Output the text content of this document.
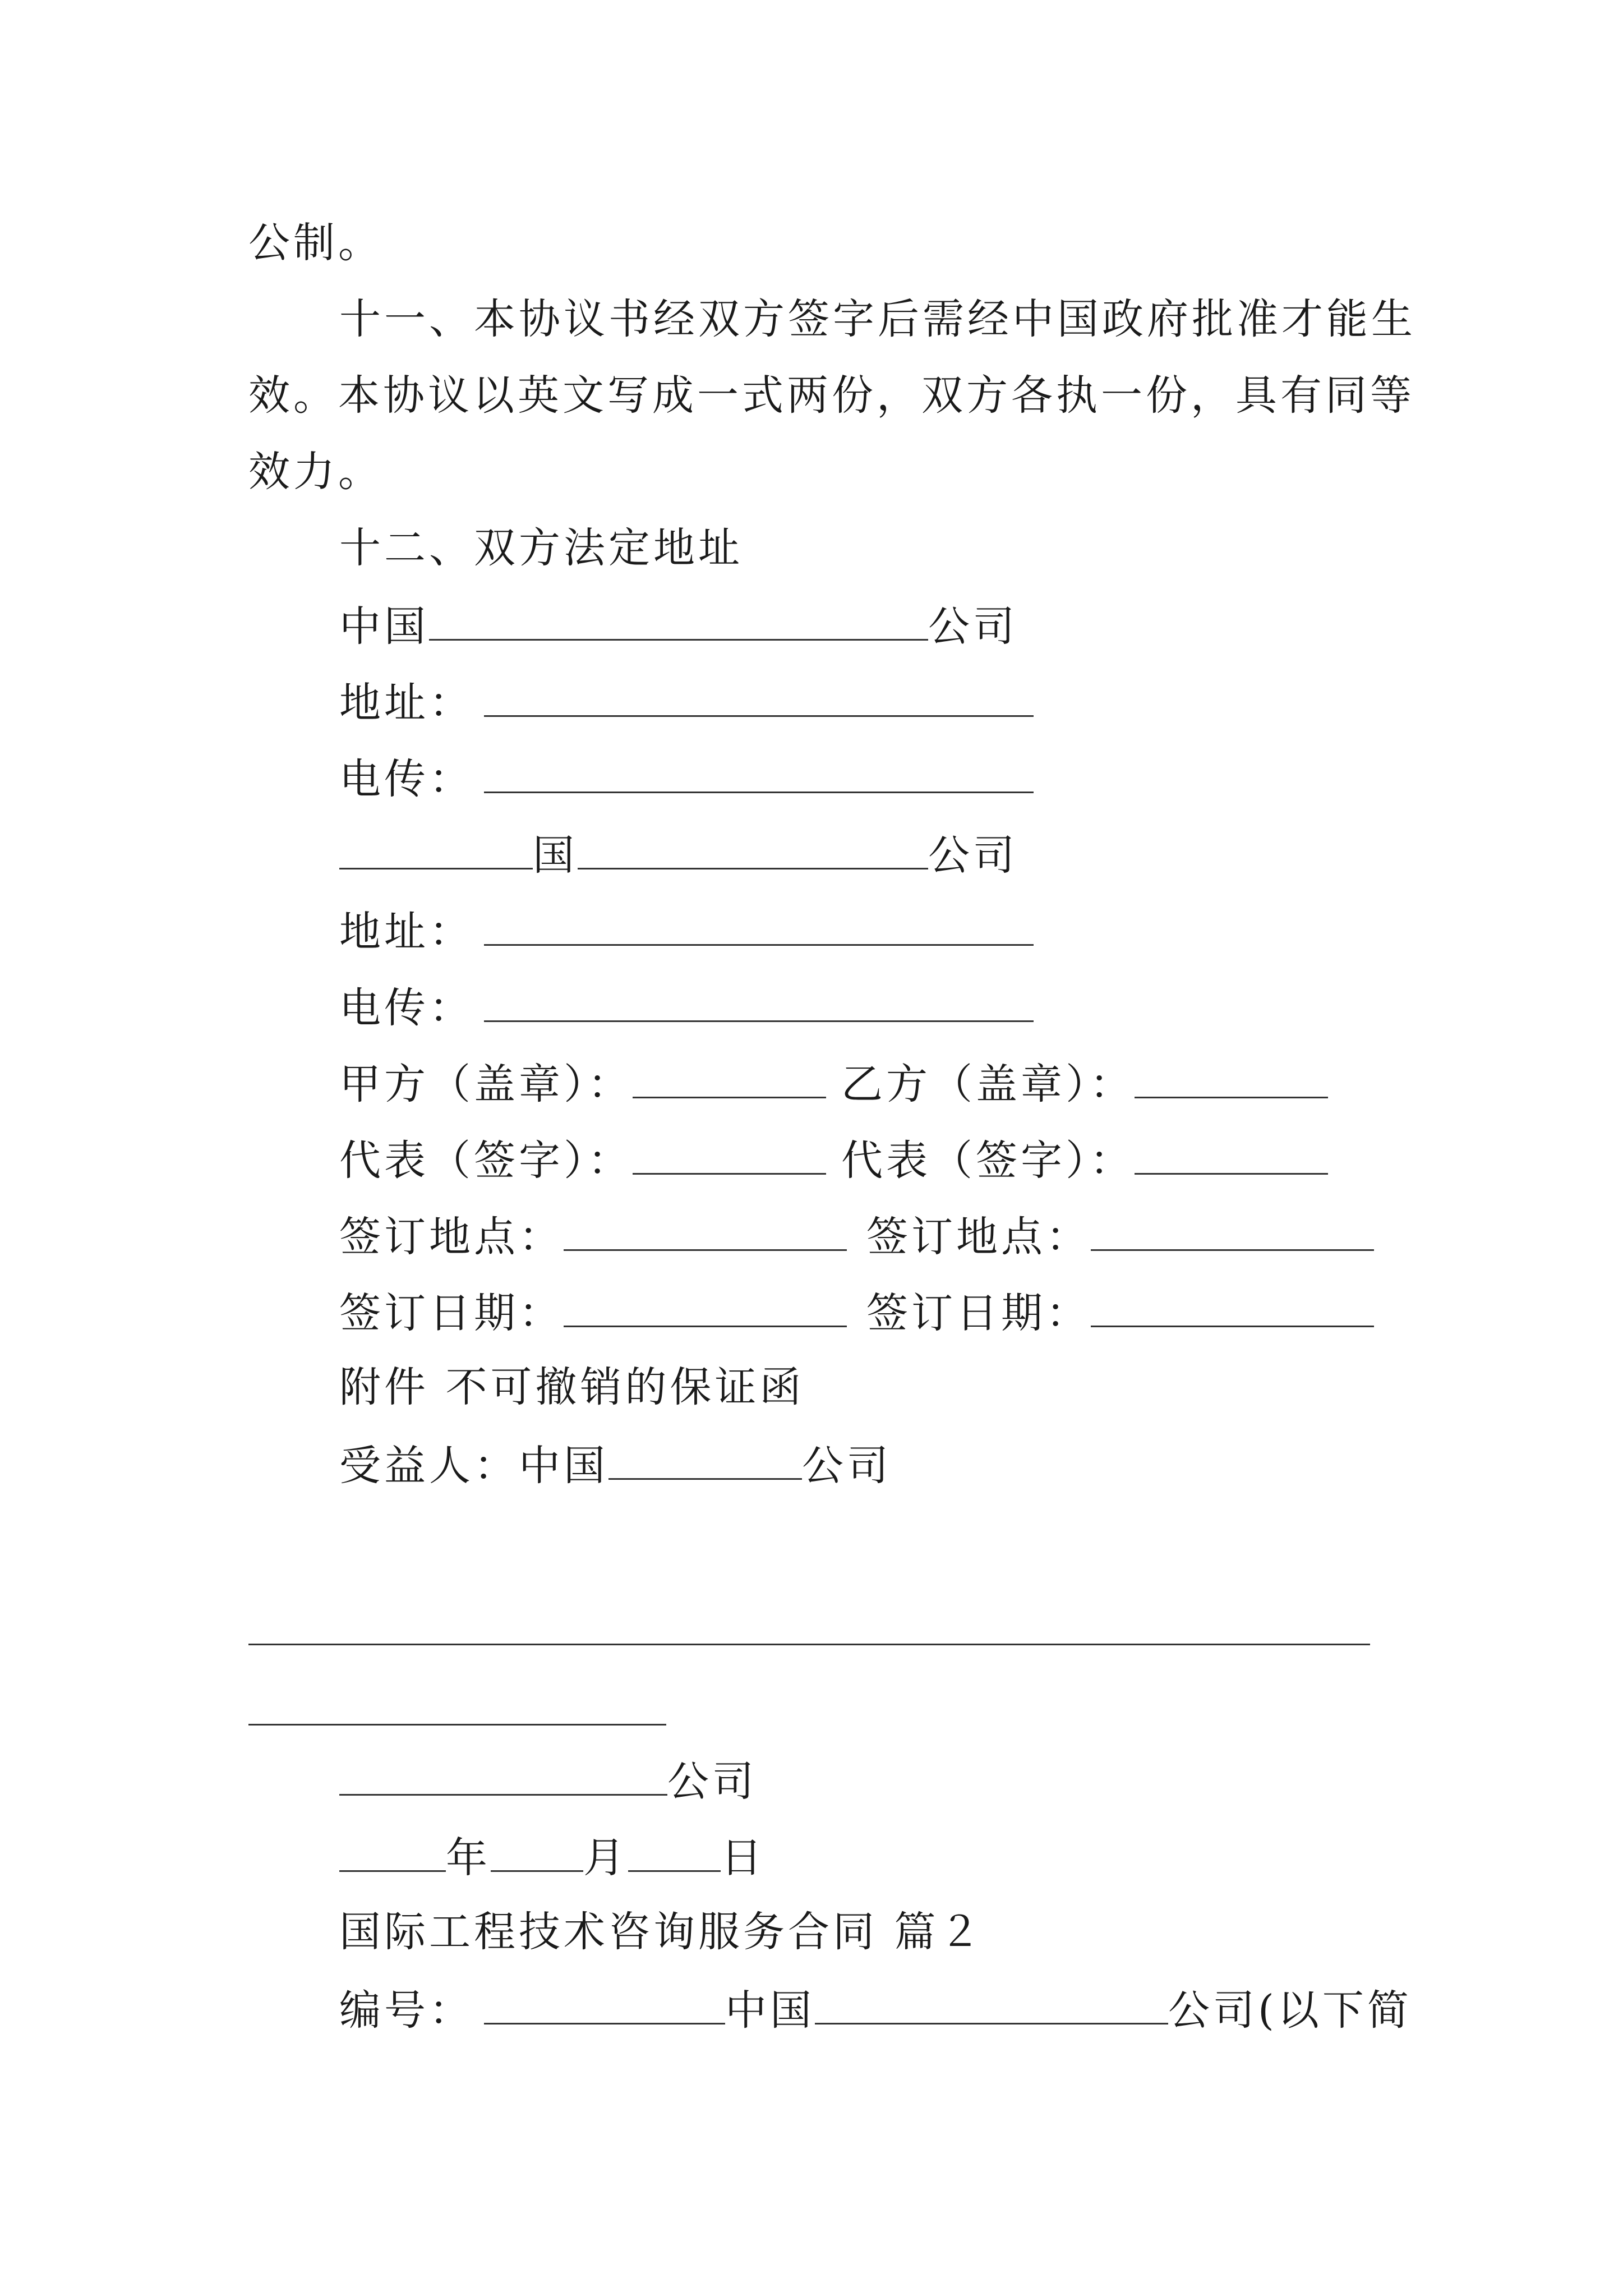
公制。
十一、本协议书经双方签字后需经中国政府批准才能生
效。本协议以英文写成一式两份，双方各执一份，具有同等
效力。
十二、双方法定地址
中国	公司
地址：
电传：
国	公司
地址：
电传：
甲方（盖章）：	乙方（盖章）：
代表（签字）：	代表（签字）：
签订地点：	签订地点：
签订日期：	签订日期：
附件 不可撤销的保证函
受益人：中国	公司
公司
年 月 日
国际工程技术咨询服务合同 篇２
编号：	中国	公司(以下简
